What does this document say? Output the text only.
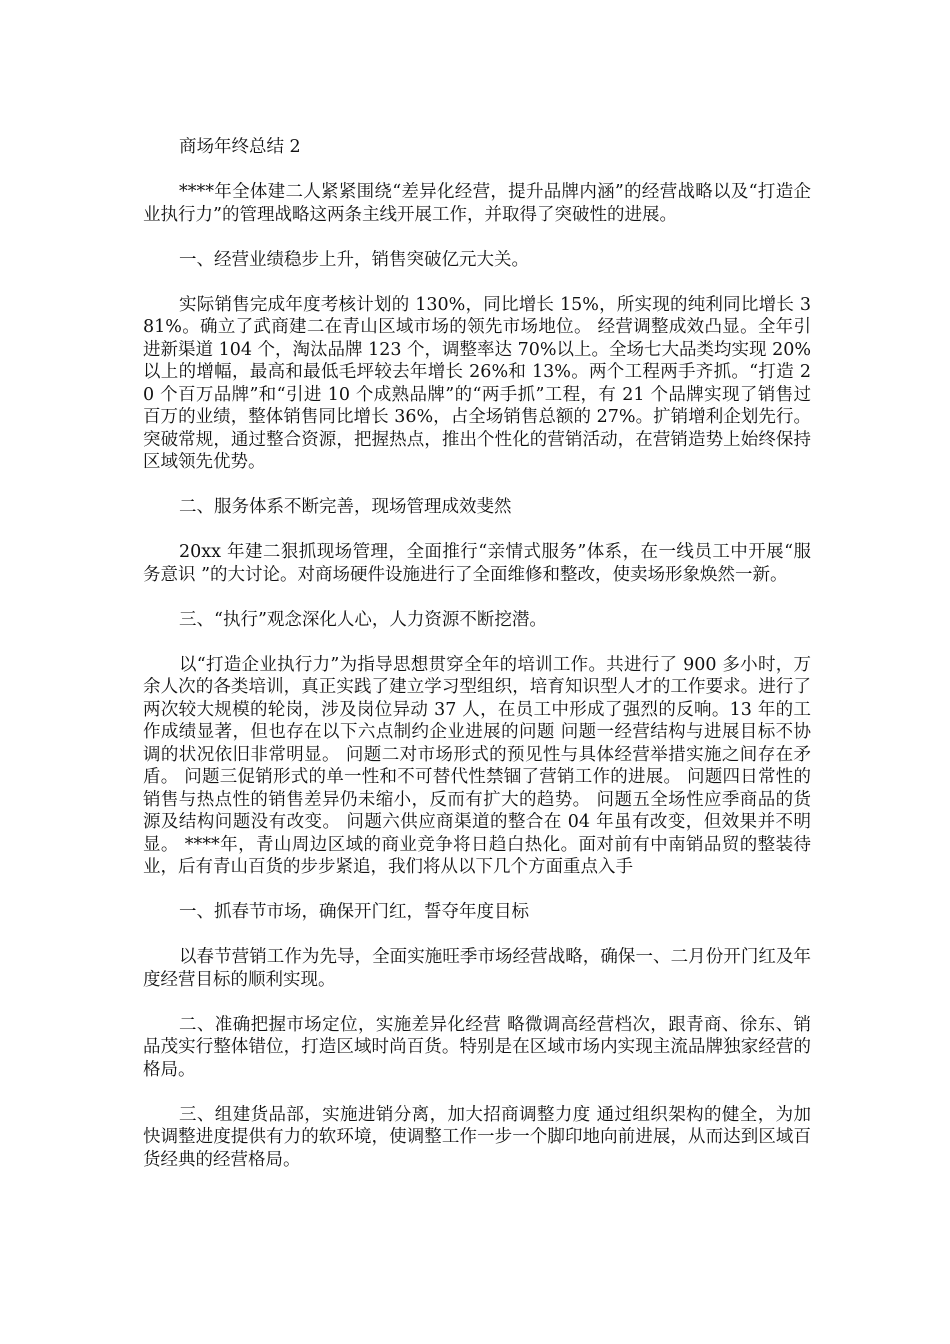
商场年终总结 2

****年全体建二人紧紧围绕“差异化经营，提升品牌内涵”的经营战略以及“打造企业执行力”的管理战略这两条主线开展工作，并取得了突破性的进展。

一、经营业绩稳步上升，销售突破亿元大关。

实际销售完成年度考核计划的 130%，同比增长 15%，所实现的纯利同比增长 381%。确立了武商建二在青山区域市场的领先市场地位。 经营调整成效凸显。全年引进新渠道 104 个，淘汰品牌 123 个，调整率达 70%以上。全场七大品类均实现 20%以上的增幅，最高和最低毛坪较去年增长 26%和 13%。两个工程两手齐抓。“打造 20 个百万品牌”和“引进 10 个成熟品牌”的“两手抓”工程，有 21 个品牌实现了销售过百万的业绩，整体销售同比增长 36%，占全场销售总额的 27%。扩销增利企划先行。突破常规，通过整合资源，把握热点，推出个性化的营销活动，在营销造势上始终保持区域领先优势。

二、服务体系不断完善，现场管理成效斐然

20xx 年建二狠抓现场管理，全面推行“亲情式服务”体系，在一线员工中开展“服务意识 ”的大讨论。对商场硬件设施进行了全面维修和整改，使卖场形象焕然一新。

三、“执行”观念深化人心，人力资源不断挖潜。

以“打造企业执行力”为指导思想贯穿全年的培训工作。共进行了 900 多小时，万余人次的各类培训，真正实践了建立学习型组织，培育知识型人才的工作要求。进行了两次较大规模的轮岗，涉及岗位异动 37 人，在员工中形成了强烈的反响。13 年的工作成绩显著，但也存在以下六点制约企业进展的问题 问题一经营结构与进展目标不协调的状况依旧非常明显。 问题二对市场形式的预见性与具体经营举措实施之间存在矛盾。 问题三促销形式的单一性和不可替代性禁锢了营销工作的进展。 问题四日常性的销售与热点性的销售差异仍未缩小，反而有扩大的趋势。 问题五全场性应季商品的货源及结构问题没有改变。 问题六供应商渠道的整合在 04 年虽有改变，但效果并不明显。 ****年，青山周边区域的商业竞争将日趋白热化。面对前有中南销品贸的整装待业，后有青山百货的步步紧追，我们将从以下几个方面重点入手

一、抓春节市场，确保开门红，誓夺年度目标

以春节营销工作为先导，全面实施旺季市场经营战略，确保一、二月份开门红及年度经营目标的顺利实现。

二、准确把握市场定位，实施差异化经营 略微调高经营档次，跟青商、徐东、销品茂实行整体错位，打造区域时尚百货。特别是在区域市场内实现主流品牌独家经营的格局。

三、组建货品部，实施进销分离，加大招商调整力度 通过组织架构的健全，为加快调整进度提供有力的软环境，使调整工作一步一个脚印地向前进展，从而达到区域百货经典的经营格局。
